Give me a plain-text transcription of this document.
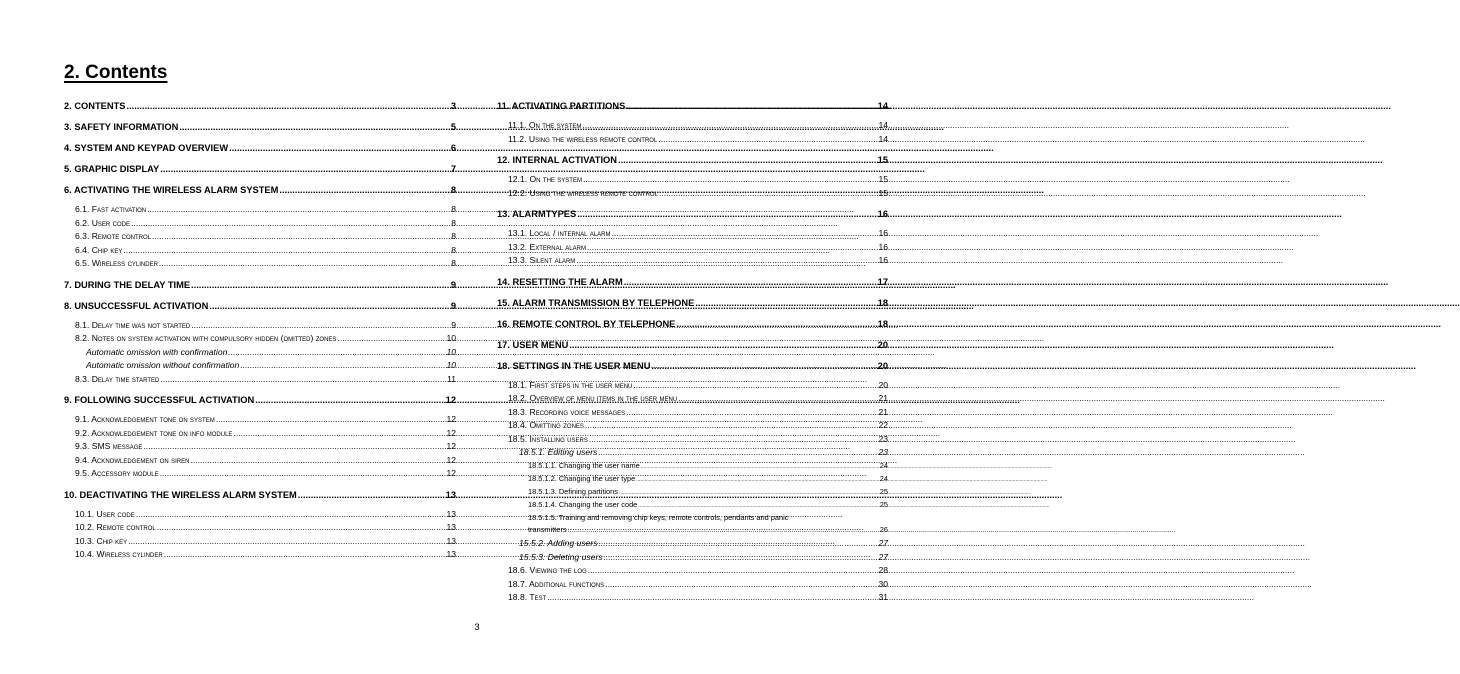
2. Contents
2. CONTENTS .....	3
3. SAFETY INFORMATION .....	5
4. SYSTEM AND KEYPAD OVERVIEW .....	6
5. GRAPHIC DISPLAY .....	7
6. ACTIVATING THE WIRELESS ALARM SYSTEM .....	8
6.1. Fast activation .....	8
6.2. User code .....	8
6.3. Remote control .....	8
6.4. Chip key .....	8
6.5. Wireless cylinder .....	8
7. DURING THE DELAY TIME .....	9
8. UNSUCCESSFUL ACTIVATION .....	9
8.1. Delay time was not started .....	9
8.2. Notes on system activation with compulsory hidden (omitted) zones .....	10
Automatic omission with confirmation .....	10
Automatic omission without confirmation .....	10
8.3. Delay time started .....	11
9. FOLLOWING SUCCESSFUL ACTIVATION .....	12
9.1. Acknowledgement tone on system .....	12
9.2. Acknowledgement tone on info module .....	12
9.3. SMS message .....	12
9.4. Acknowledgement on siren .....	12
9.5. Accessory module .....	12
10. DEACTIVATING THE WIRELESS ALARM SYSTEM .....	13
10.1. User code .....	13
10.2. Remote control .....	13
10.3. Chip key .....	13
10.4. Wireless cylinder .....	13
11. ACTIVATING PARTITIONS .....	14
11.1. On the system .....	14
11.2. Using the wireless remote control .....	14
12. INTERNAL ACTIVATION .....	15
12.1. On the system .....	15
12.2. Using the wireless remote control .....	15
13. ALARMTYPES .....	16
13.1. Local / internal alarm .....	16
13.2. External alarm .....	16
13.3. Silent alarm .....	16
14. RESETTING THE ALARM .....	17
15. ALARM TRANSMISSION BY TELEPHONE .....	18
16. REMOTE CONTROL BY TELEPHONE .....	18
17. USER MENU .....	20
18. SETTINGS IN THE USER MENU .....	20
18.1. First steps in the user menu .....	20
18.2. Overview of menu items in the user menu .....	21
18.3. Recording voice messages .....	21
18.4. Omitting zones .....	22
18.5. Installing users .....	23
18.5.1. Editing users .....	23
18.5.1.1. Changing the user name .....	24
18.5.1.2. Changing the user type .....	24
18.5.1.3. Defining partitions .....	25
18.5.1.4. Changing the user code .....	25
18.5.1.5. Training and removing chip keys, remote controls, pendants and panic
transmitters .....	26
15.5.2. Adding users .....	27
15.5.3. Deleting users .....	27
18.6. Viewing the log .....	28
18.7. Additional functions .....	30
18.8. Test .....	31
3
